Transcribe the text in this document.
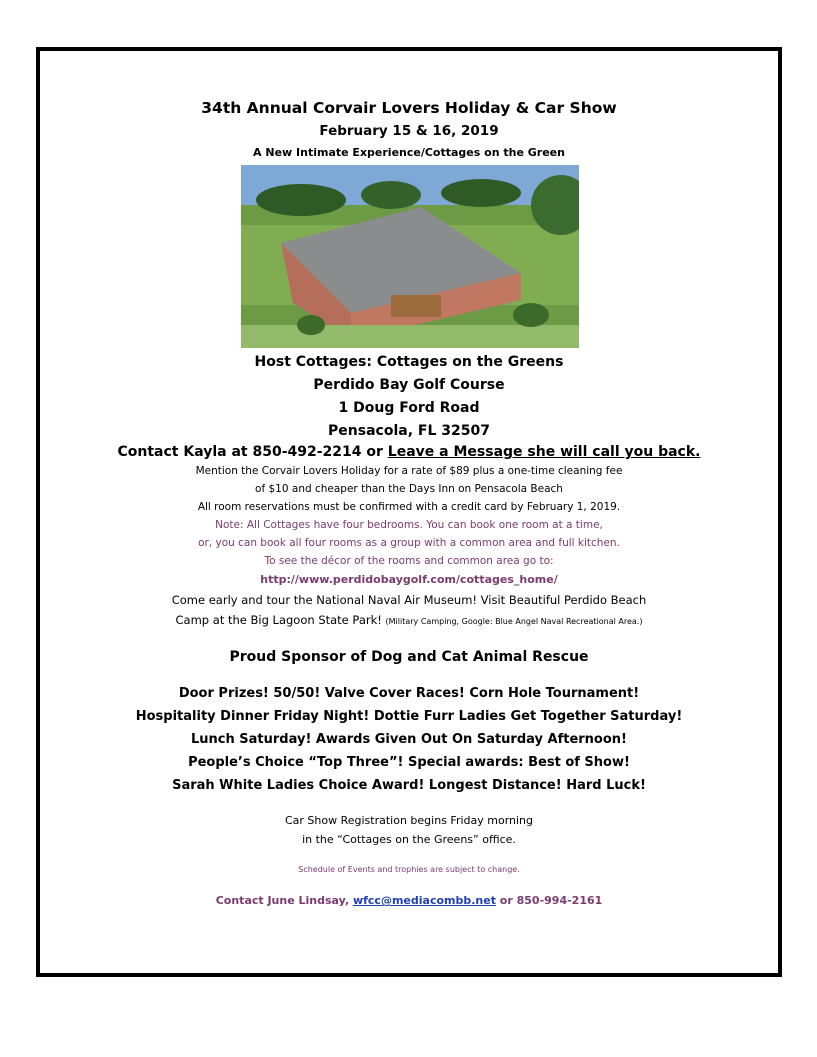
34th Annual Corvair Lovers Holiday & Car Show
February 15 & 16, 2019
A New Intimate Experience/Cottages on the Green
Host Cottages: Cottages on the Greens
Perdido Bay Golf Course
1 Doug Ford Road
Pensacola, FL 32507
Contact Kayla at 850-492-2214 or Leave a Message she will call you back.
Mention the Corvair Lovers Holiday for a rate of $89 plus a one-time cleaning fee
of $10 and cheaper than the Days Inn on Pensacola Beach
All room reservations must be confirmed with a credit card by February 1, 2019.
Note: All Cottages have four bedrooms. You can book one room at a time,
or, you can book all four rooms as a group with a common area and full kitchen.
To see the décor of the rooms and common area go to:
http://www.perdidobaygolf.com/cottages_home/
Come early and tour the National Naval Air Museum! Visit Beautiful Perdido Beach
Camp at the Big Lagoon State Park! (Military Camping, Google: Blue Angel Naval Recreational Area.)
Proud Sponsor of Dog and Cat Animal Rescue
Door Prizes! 50/50! Valve Cover Races! Corn Hole Tournament!
Hospitality Dinner Friday Night! Dottie Furr Ladies Get Together Saturday!
Lunch Saturday! Awards Given Out On Saturday Afternoon!
People’s Choice “Top Three”! Special awards: Best of Show!
Sarah White Ladies Choice Award! Longest Distance! Hard Luck!
Car Show Registration begins Friday morning
in the “Cottages on the Greens” office.
Schedule of Events and trophies are subject to change.
Contact June Lindsay, wfcc@mediacombb.net or 850-994-2161
